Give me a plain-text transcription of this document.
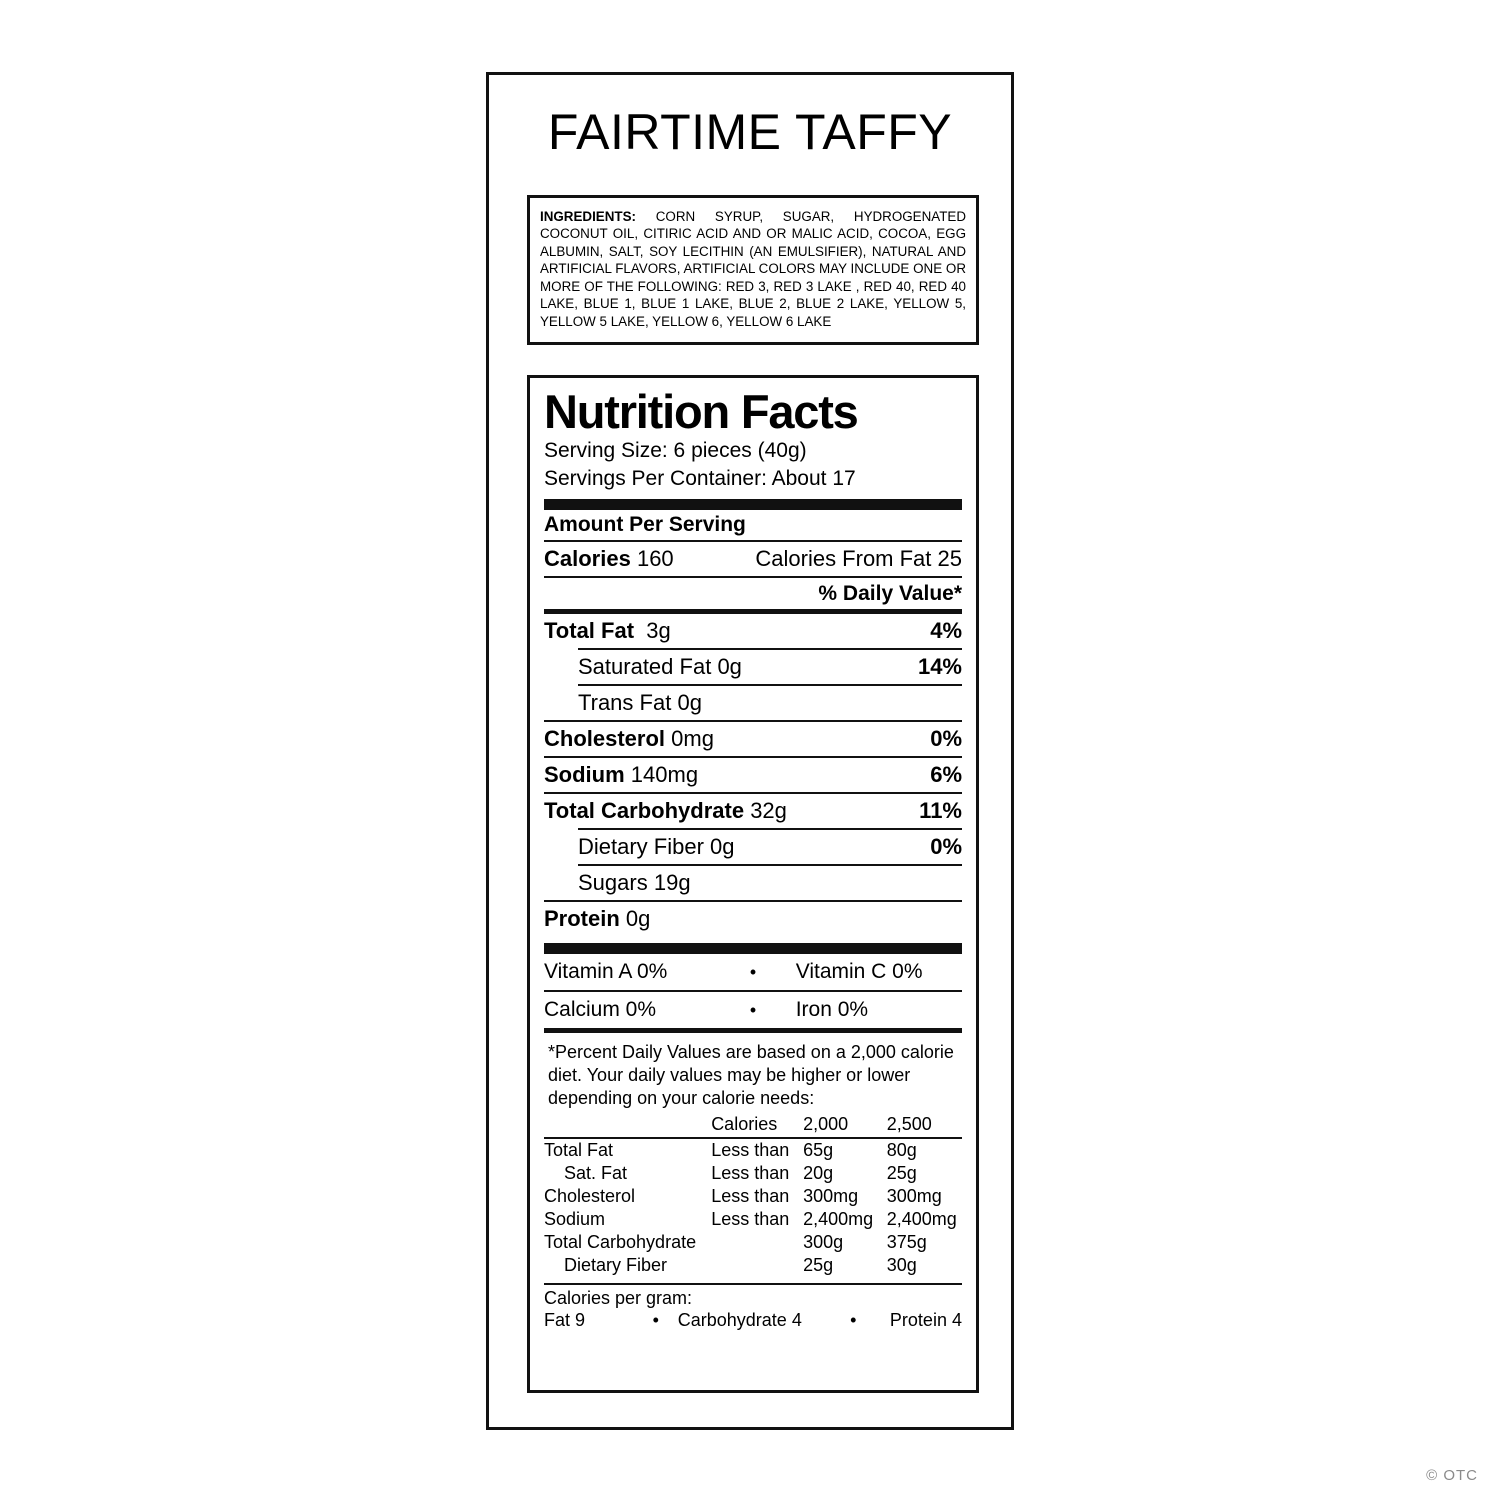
FAIRTIME TAFFY
INGREDIENTS: CORN SYRUP, SUGAR, HYDROGENATED COCONUT OIL, CITIRIC ACID AND OR MALIC ACID, COCOA, EGG ALBUMIN, SALT, SOY LECITHIN (AN EMULSIFIER), NATURAL AND ARTIFICIAL FLAVORS, ARTIFICIAL COLORS MAY INCLUDE ONE OR MORE OF THE FOLLOWING: RED 3, RED 3 LAKE , RED 40, RED 40 LAKE, BLUE 1, BLUE 1 LAKE, BLUE 2, BLUE 2 LAKE, YELLOW 5, YELLOW 5 LAKE, YELLOW 6, YELLOW 6 LAKE
Nutrition Facts
Serving Size: 6 pieces (40g)
Servings Per Container: About 17
Amount Per Serving
Calories 160	Calories From Fat 25
% Daily Value*
Total Fat 3g	4%
Saturated Fat 0g	14%
Trans Fat 0g
Cholesterol 0mg	0%
Sodium 140mg	6%
Total Carbohydrate 32g	11%
Dietary Fiber 0g	0%
Sugars 19g
Protein 0g
Vitamin A 0%	•	Vitamin C 0%
Calcium 0%	•	Iron 0%
*Percent Daily Values are based on a 2,000 calorie diet. Your daily values may be higher or lower depending on your calorie needs:
	Calories	2,000	2,500
Total Fat	Less than	65g	80g
Sat. Fat	Less than	20g	25g
Cholesterol	Less than	300mg	300mg
Sodium	Less than	2,400mg	2,400mg
Total Carbohydrate		300g	375g
Dietary Fiber		25g	30g
Calories per gram:
Fat 9	•	Carbohydrate 4	•	Protein 4
© OTC
